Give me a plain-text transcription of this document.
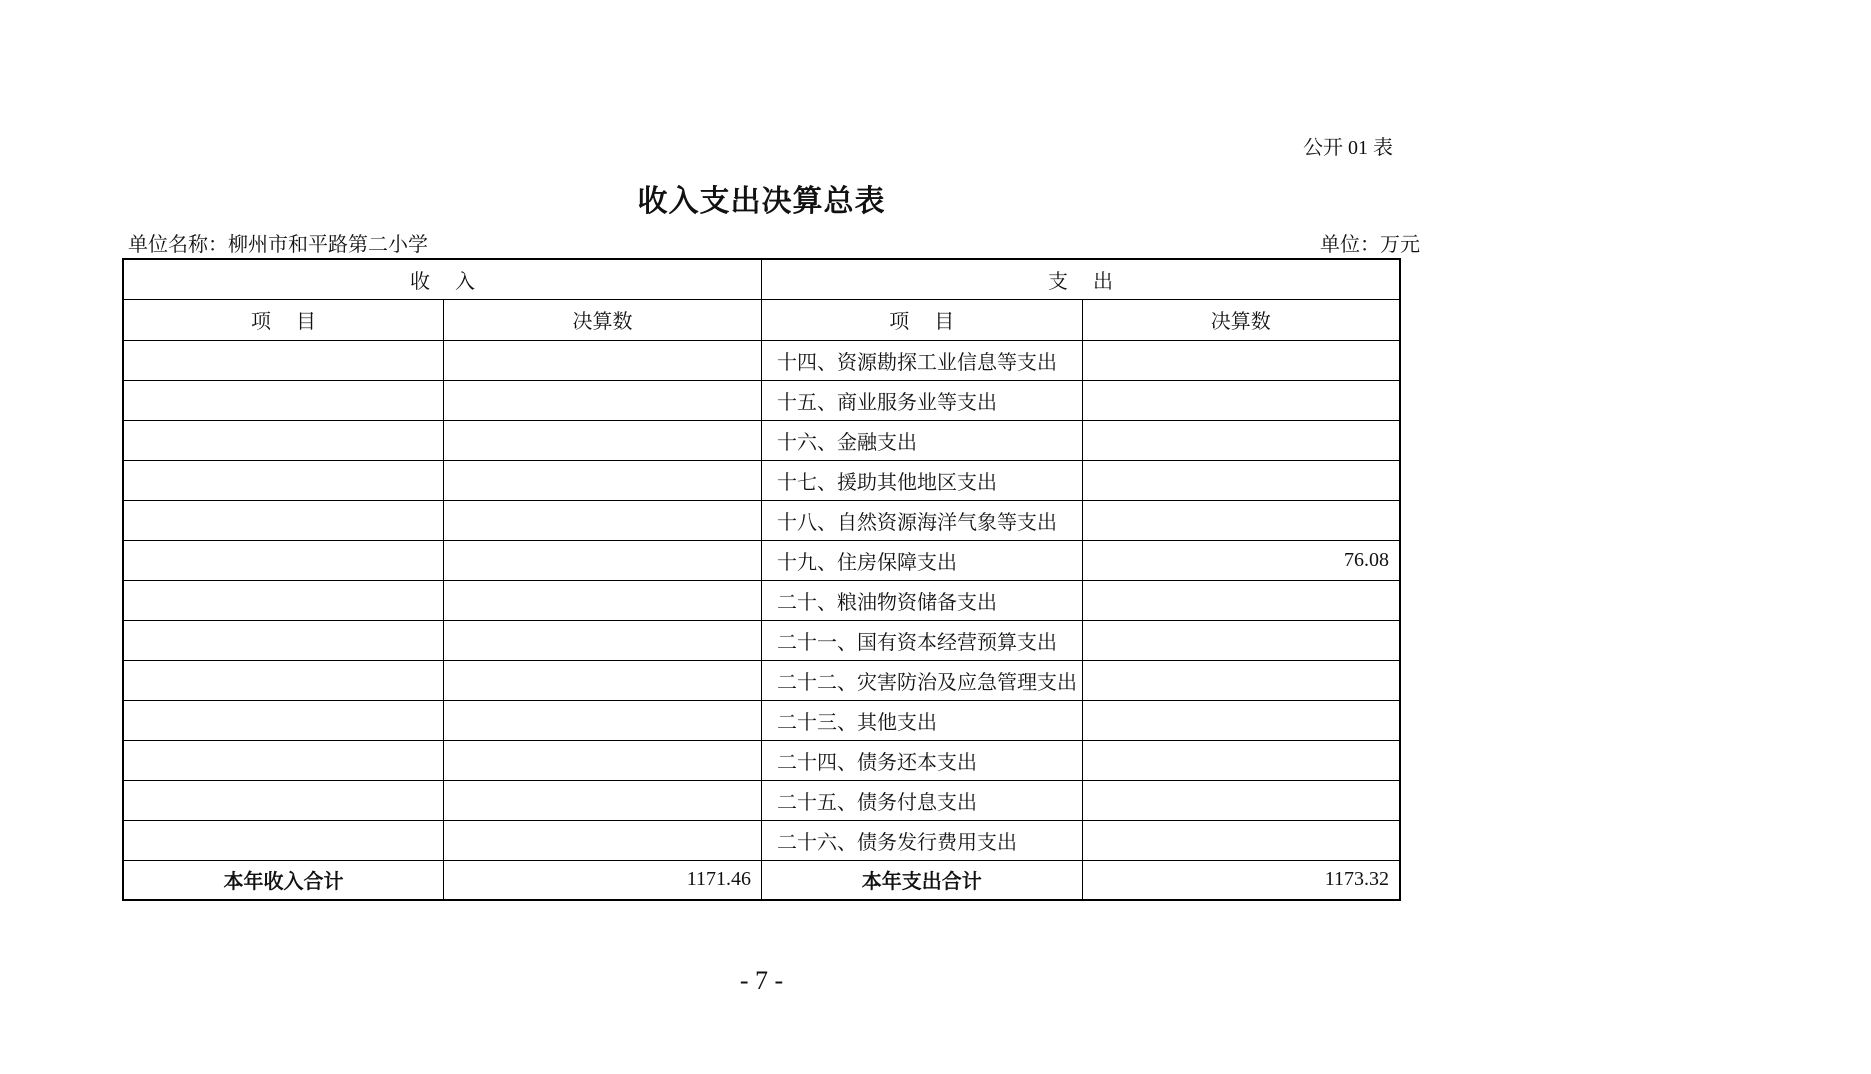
公开 01 表
收入支出决算总表
单位名称：柳州市和平路第二小学	单位：万元
收　 入		支　 出	
项　 目	决算数	项　 目	决算数
		十四、资源勘探工业信息等支出	
		十五、商业服务业等支出	
		十六、金融支出	
		十七、援助其他地区支出	
		十八、自然资源海洋气象等支出	
		十九、住房保障支出	76.08
		二十、粮油物资储备支出	
		二十一、国有资本经营预算支出	
		二十二、灾害防治及应急管理支出	
		二十三、其他支出	
		二十四、债务还本支出	
		二十五、债务付息支出	
		二十六、债务发行费用支出	
本年收入合计	1171.46	本年支出合计	1173.32
- 7 -
